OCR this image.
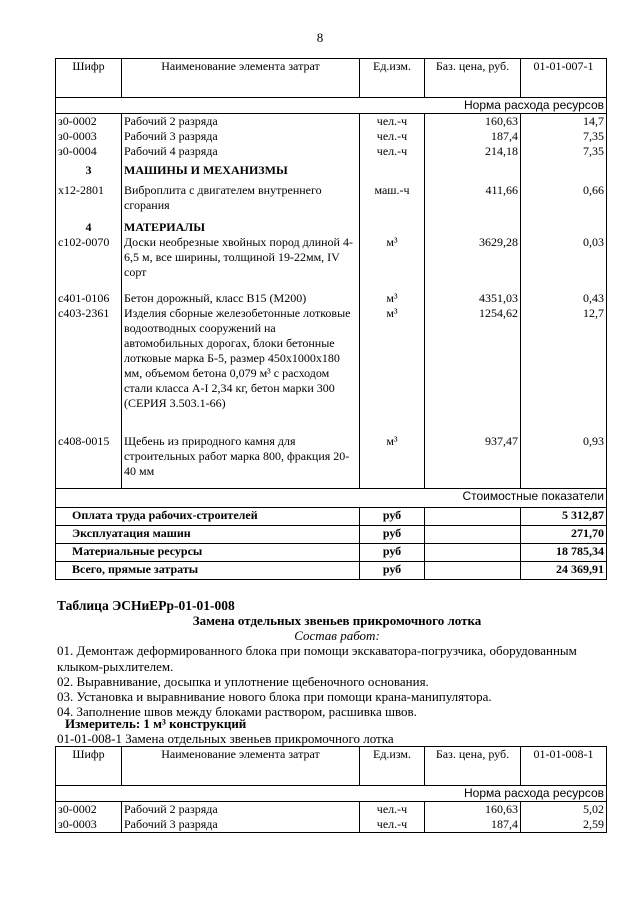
8
Шифр	Наименование элемента затрат	Ед.изм.	Баз. цена, руб.	01-01-007-1
Норма расхода ресурсов				
з0-0002	Рабочий 2 разряда	чел.-ч	160,63	14,7
з0-0003	Рабочий 3 разряда	чел.-ч	187,4	7,35
з0-0004	Рабочий 4 разряда	чел.-ч	214,18	7,35
3	МАШИНЫ И МЕХАНИЗМЫ			
х12-2801	Виброплита с двигателем внутреннего сгорания	маш.-ч	411,66	0,66
4	МАТЕРИАЛЫ			
с102-0070	Доски необрезные хвойных пород длиной 4-6,5 м, все ширины, толщиной 19-22мм, IV сорт	м³	3629,28	0,03
с401-0106	Бетон дорожный, класс В15 (М200)	м³	4351,03	0,43
с403-2361	Изделия сборные железобетонные лотковые водоотводных сооружений на автомобильных дорогах, блоки бетонные лотковые марка Б-5, размер 450х1000х180 мм, объемом бетона 0,079 м³ с расходом стали класса А-I 2,34 кг, бетон марки 300 (СЕРИЯ 3.503.1-66)	м³	1254,62	12,7
с408-0015	Щебень из природного камня для строительных работ марка 800, фракция 20-40 мм	м³	937,47	0,93
Стоимостные показатели				
Оплата труда рабочих-строителей		руб		5 312,87
Эксплуатация машин		руб		271,70
Материальные ресурсы		руб		18 785,34
Всего, прямые затраты		руб		24 369,91
Таблица ЭСНиЕРр-01-01-008
Замена отдельных звеньев прикромочного лотка
Состав работ:
01. Демонтаж деформированного блока при помощи экскаватора-погрузчика, оборудованным клыком-рыхлителем.
02. Выравнивание, досыпка и уплотнение щебеночного основания.
03. Установка и выравнивание нового блока при помощи крана-манипулятора.
04. Заполнение швов между блоками раствором, расшивка швов.
Измеритель: 1 м³ конструкций
01-01-008-1 Замена отдельных звеньев прикромочного лотка
Шифр	Наименование элемента затрат	Ед.изм.	Баз. цена, руб.	01-01-008-1
Норма расхода ресурсов				
з0-0002	Рабочий 2 разряда	чел.-ч	160,63	5,02
з0-0003	Рабочий 3 разряда	чел.-ч	187,4	2,59
